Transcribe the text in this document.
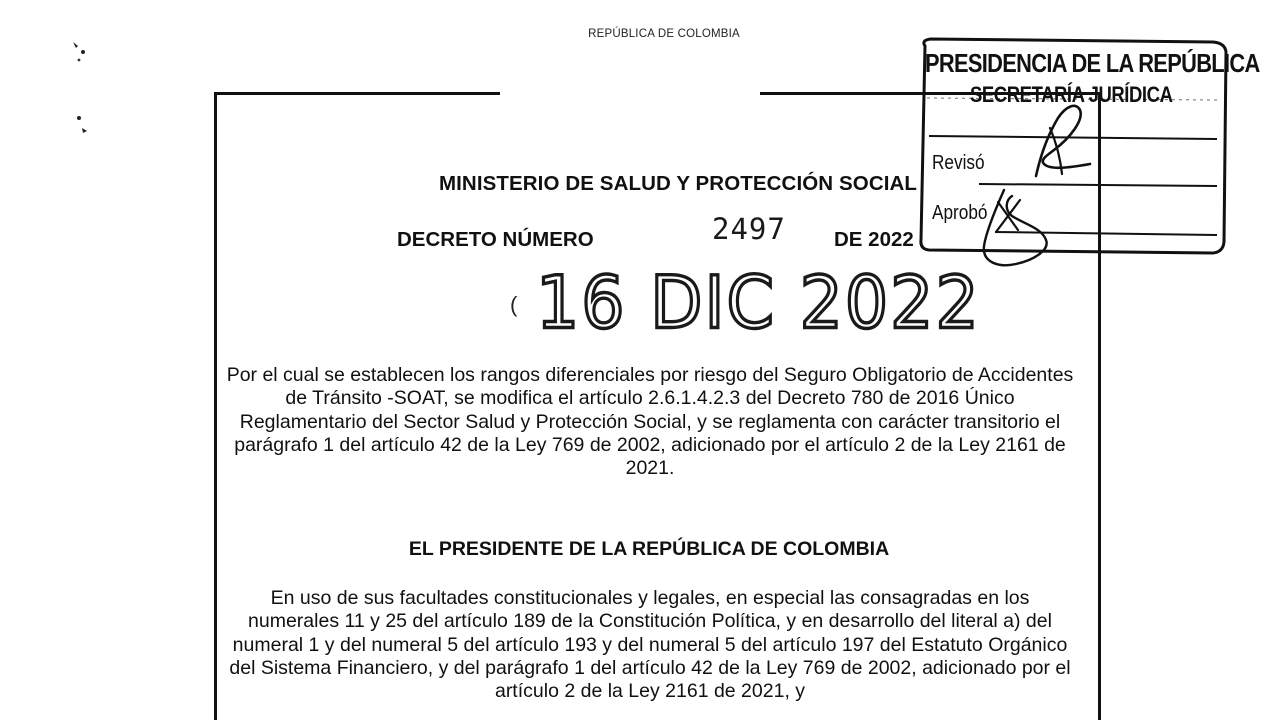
REPÚBLICA DE COLOMBIA
MINISTERIO DE SALUD Y PROTECCIÓN SOCIAL
DECRETO NÚMERO	2497 DE 2022
( 16 DIC 2022
Por el cual se establecen los rangos diferenciales por riesgo del Seguro Obligatorio de Accidentes de Tránsito -SOAT, se modifica el artículo 2.6.1.4.2.3 del Decreto 780 de 2016 Único Reglamentario del Sector Salud y Protección Social, y se reglamenta con carácter transitorio el parágrafo 1 del artículo 42 de la Ley 769 de 2002, adicionado por el artículo 2 de la Ley 2161 de 2021.
EL PRESIDENTE DE LA REPÚBLICA DE COLOMBIA
En uso de sus facultades constitucionales y legales, en especial las consagradas en los numerales 11 y 25 del artículo 189 de la Constitución Política, y en desarrollo del literal a) del numeral 1 y del numeral 5 del artículo 193 y del numeral 5 del artículo 197 del Estatuto Orgánico del Sistema Financiero, y del parágrafo 1 del artículo 42 de la Ley 769 de 2002, adicionado por el artículo 2 de la Ley 2161 de 2021, y
PRESIDENCIA DE LA REPÚBLICA
SECRETARÍA JURÍDICA
Revisó
Aprobó
